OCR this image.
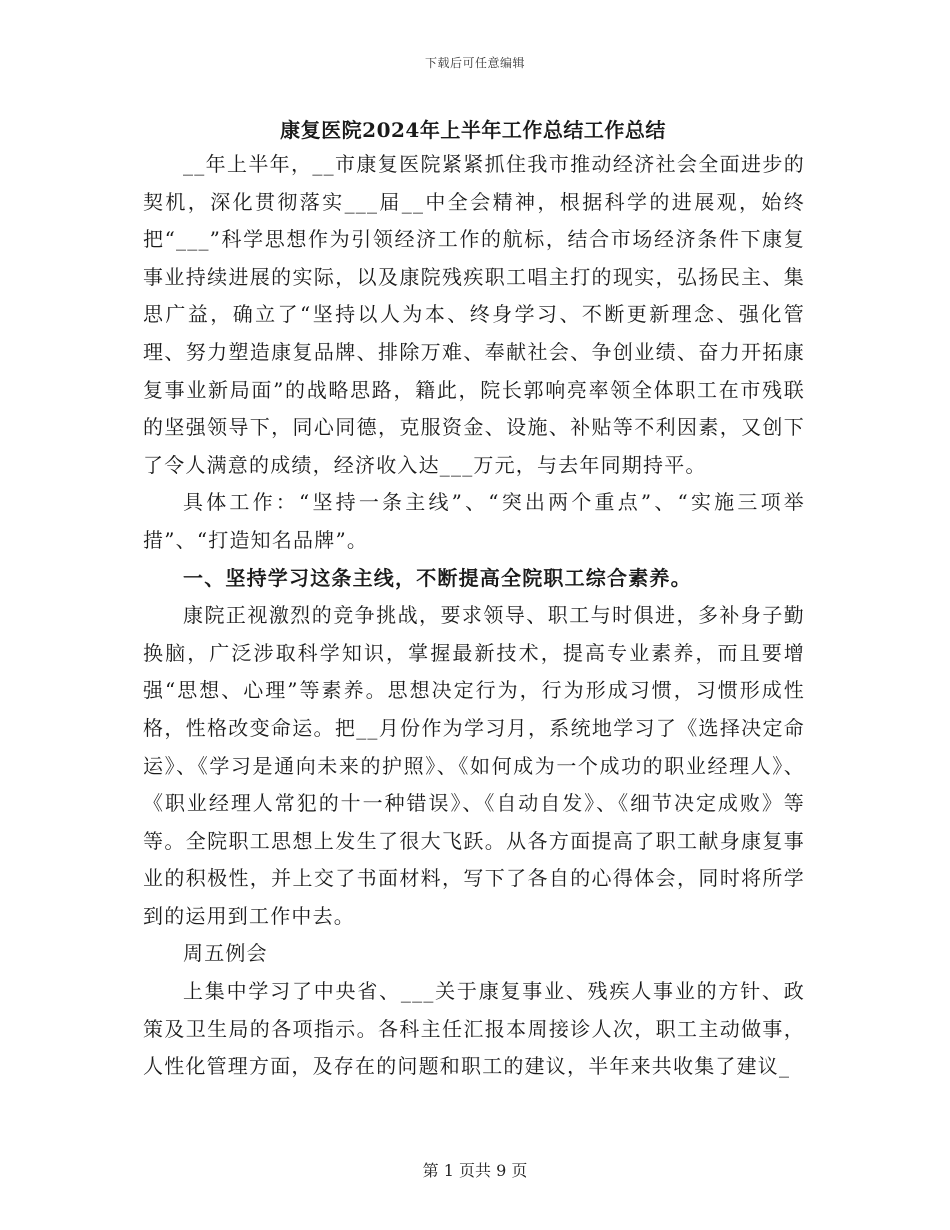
下载后可任意编辑
康复医院2024年上半年工作总结工作总结

__年上半年，__市康复医院紧紧抓住我市推动经济社会全面进步的契机，深化贯彻落实___届__中全会精神，根据科学的进展观，始终把“___”科学思想作为引领经济工作的航标，结合市场经济条件下康复事业持续进展的实际，以及康院残疾职工唱主打的现实，弘扬民主、集思广益，确立了“坚持以人为本、终身学习、不断更新理念、强化管理、努力塑造康复品牌、排除万难、奉献社会、争创业绩、奋力开拓康复事业新局面”的战略思路，籍此，院长郭响亮率领全体职工在市残联的坚强领导下，同心同德，克服资金、设施、补贴等不利因素，又创下了令人满意的成绩，经济收入达___万元，与去年同期持平。

具体工作：“坚持一条主线”、“突出两个重点”、“实施三项举措”、“打造知名品牌”。

一、坚持学习这条主线，不断提高全院职工综合素养。

康院正视激烈的竞争挑战，要求领导、职工与时俱进，多补身子勤换脑，广泛涉取科学知识，掌握最新技术，提高专业素养，而且要增强“思想、心理”等素养。思想决定行为，行为形成习惯，习惯形成性格，性格改变命运。把__月份作为学习月，系统地学习了《选择决定命运》、《学习是通向未来的护照》、《如何成为一个成功的职业经理人》、《职业经理人常犯的十一种错误》、《自动自发》、《细节决定成败》等等。全院职工思想上发生了很大飞跃。从各方面提高了职工献身康复事业的积极性，并上交了书面材料，写下了各自的心得体会，同时将所学到的运用到工作中去。

周五例会

上集中学习了中央省、___关于康复事业、残疾人事业的方针、政策及卫生局的各项指示。各科主任汇报本周接诊人次，职工主动做事，人性化管理方面，及存在的问题和职工的建议，半年来共收集了建议_

第 1 页共 9 页
